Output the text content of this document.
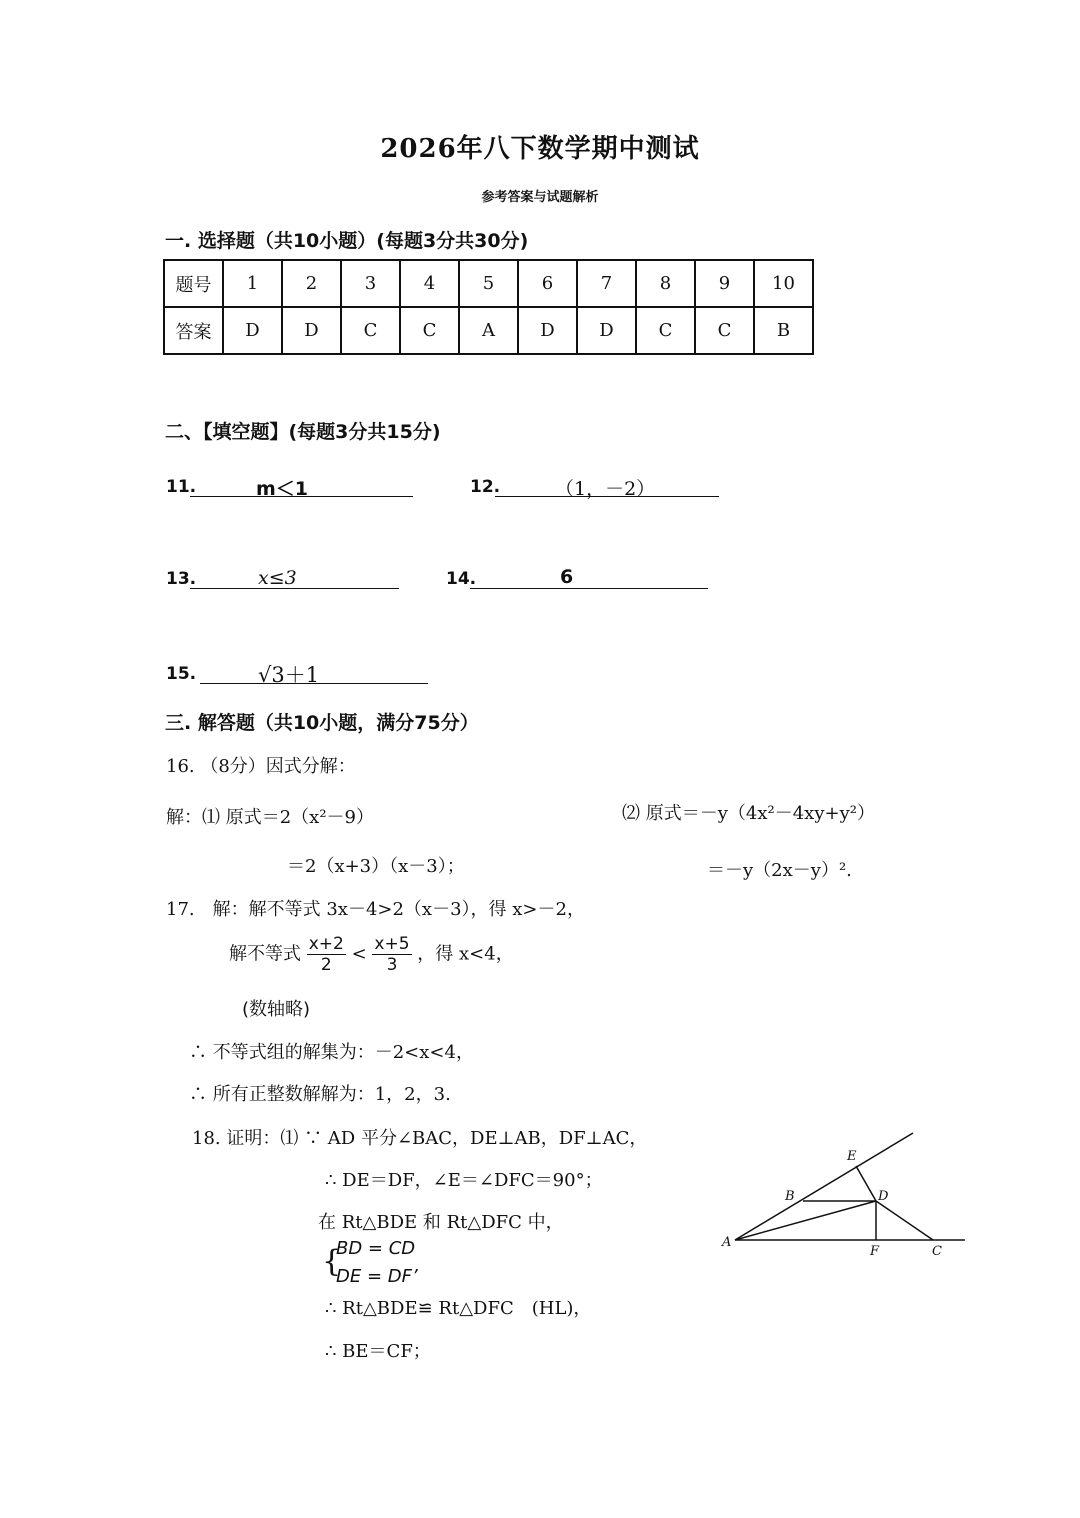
2026年八下数学期中测试
参考答案与试题解析
一. 选择题（共10小题）(每题3分共30分)
题号	1	2	3	4	5	6	7	8	9	10
答案	D	D	C	C	A	D	D	C	C	B
二、【填空题】(每题3分共15分)
11.	m＜1	12.	（1，－2）
13.	x≤3	14.	6
15.	√3＋1
三. 解答题（共10小题，满分75分）
16. （8分）因式分解：
解：⑴ 原式＝2（x²－9）
＝2（x+3）（x－3）；
⑵ 原式＝－y（4x²－4xy+y²）
＝－y（2x－y）².
17.　解：解不等式 3x－4>2（x－3），得 x>－2，
解不等式 $\frac{x+2}{2} < \frac{x+5}{3}$ ，得 x<4，
(数轴略)
∴ 不等式组的解集为：－2<x<4，
∴ 所有正整数解解为：1，2，3.
18. 证明：⑴ ∵ AD 平分∠BAC，DE⊥AB，DF⊥AC，
∴ DE＝DF，∠E＝∠DFC＝90°；
在 Rt△BDE 和 Rt△DFC 中，
{
BD = CD
DE = DF’
∴ Rt△BDE≌ Rt△DFC　(HL)，
∴ BE＝CF；
A
B
E
D
F	C
